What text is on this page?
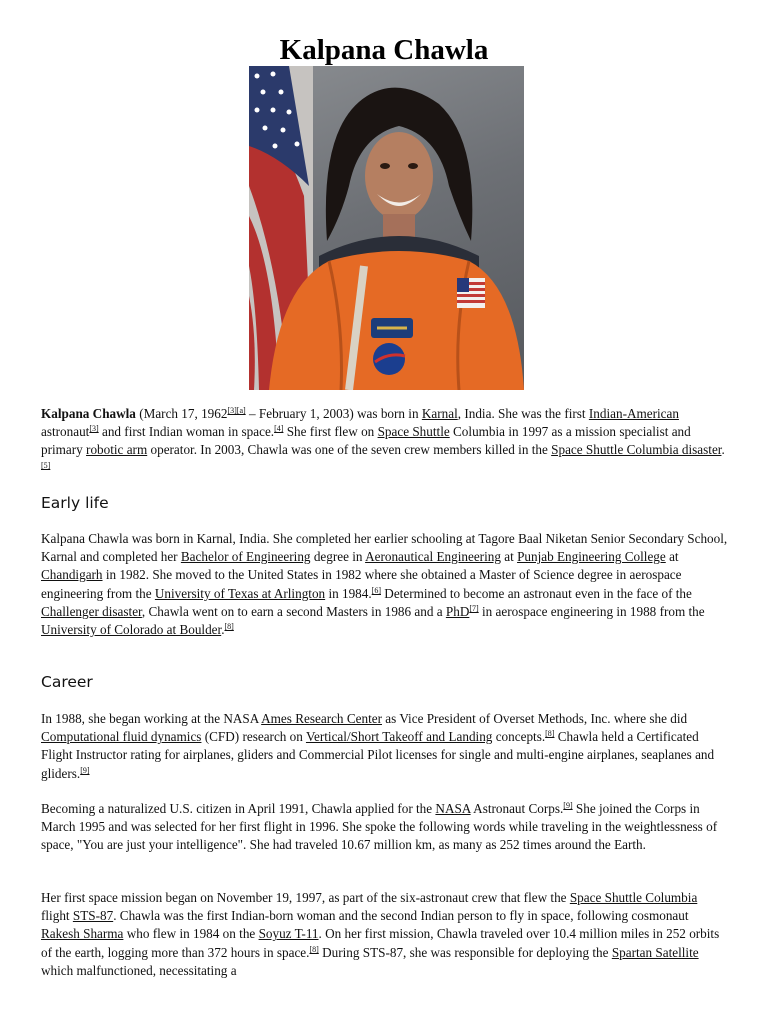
Kalpana Chawla

Kalpana Chawla (March 17, 1962[3][a] – February 1, 2003) was born in Karnal, India. She was the first Indian-American astronaut[3] and first Indian woman in space.[4] She first flew on Space Shuttle Columbia in 1997 as a mission specialist and primary robotic arm operator. In 2003, Chawla was one of the seven crew members killed in the Space Shuttle Columbia disaster.[5]

Early life

Kalpana Chawla was born in Karnal, India. She completed her earlier schooling at Tagore Baal Niketan Senior Secondary School, Karnal and completed her Bachelor of Engineering degree in Aeronautical Engineering at Punjab Engineering College at Chandigarh in 1982. She moved to the United States in 1982 where she obtained a Master of Science degree in aerospace engineering from the University of Texas at Arlington in 1984.[6] Determined to become an astronaut even in the face of the Challenger disaster, Chawla went on to earn a second Masters in 1986 and a PhD[7] in aerospace engineering in 1988 from the University of Colorado at Boulder.[8]

Career

In 1988, she began working at the NASA Ames Research Center as Vice President of Overset Methods, Inc. where she did Computational fluid dynamics (CFD) research on Vertical/Short Takeoff and Landing concepts.[8] Chawla held a Certificated Flight Instructor rating for airplanes, gliders and Commercial Pilot licenses for single and multi-engine airplanes, seaplanes and gliders.[9]

Becoming a naturalized U.S. citizen in April 1991, Chawla applied for the NASA Astronaut Corps.[9] She joined the Corps in March 1995 and was selected for her first flight in 1996. She spoke the following words while traveling in the weightlessness of space, "You are just your intelligence". She had traveled 10.67 million km, as many as 252 times around the Earth.

Her first space mission began on November 19, 1997, as part of the six-astronaut crew that flew the Space Shuttle Columbia flight STS-87. Chawla was the first Indian-born woman and the second Indian person to fly in space, following cosmonaut Rakesh Sharma who flew in 1984 on the Soyuz T-11. On her first mission, Chawla traveled over 10.4 million miles in 252 orbits of the earth, logging more than 372 hours in space.[8] During STS-87, she was responsible for deploying the Spartan Satellite which malfunctioned, necessitating a
